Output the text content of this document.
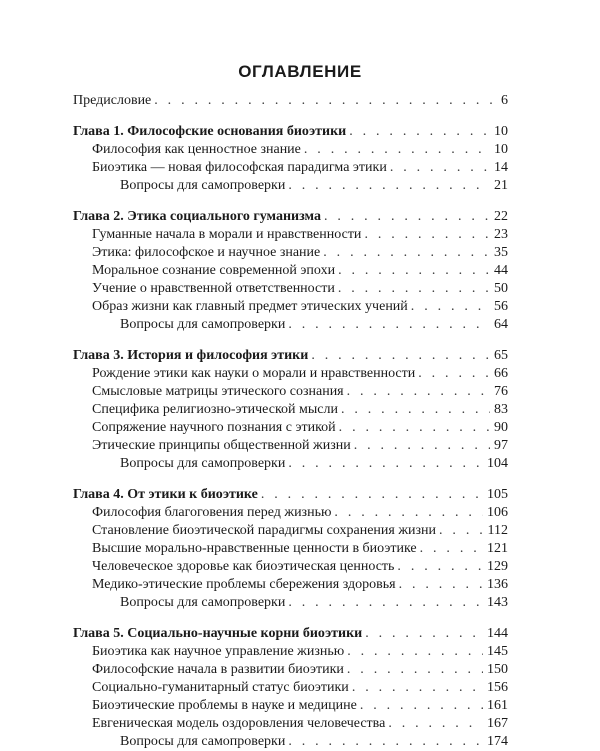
ОГЛАВЛЕНИЕ
Предисловие . . .	6
Глава 1. Философские основания биоэтики . . .	10
Философия как ценностное знание . . .	10
Биоэтика — новая философская парадигма этики . . .	14
Вопросы для самопроверки . . .	21
Глава 2. Этика социального гуманизма . . .	22
Гуманные начала в морали и нравственности . . .	23
Этика: философское и научное знание . . .	35
Моральное сознание современной эпохи . . .	44
Учение о нравственной ответственности . . .	50
Образ жизни как главный предмет этических учений . . .	56
Вопросы для самопроверки . . .	64
Глава 3. История и философия этики . . .	65
Рождение этики как науки о морали и нравственности . . .	66
Смысловые матрицы этического сознания . . .	76
Специфика религиозно-этической мысли . . .	83
Сопряжение научного познания с этикой . . .	90
Этические принципы общественной жизни . . .	97
Вопросы для самопроверки . . .	104
Глава 4. От этики к биоэтике . . .	105
Философия благоговения перед жизнью . . .	106
Становление биоэтической парадигмы сохранения жизни . . .	112
Высшие морально-нравственные ценности в биоэтике . . .	121
Человеческое здоровье как биоэтическая ценность . . .	129
Медико-этические проблемы сбережения здоровья . . .	136
Вопросы для самопроверки . . .	143
Глава 5. Социально-научные корни биоэтики . . .	144
Биоэтика как научное управление жизнью . . .	145
Философские начала в развитии биоэтики . . .	150
Социально-гуманитарный статус биоэтики . . .	156
Биоэтические проблемы в науке и медицине . . .	161
Евгеническая модель оздоровления человечества . . .	167
Вопросы для самопроверки . . .	174
